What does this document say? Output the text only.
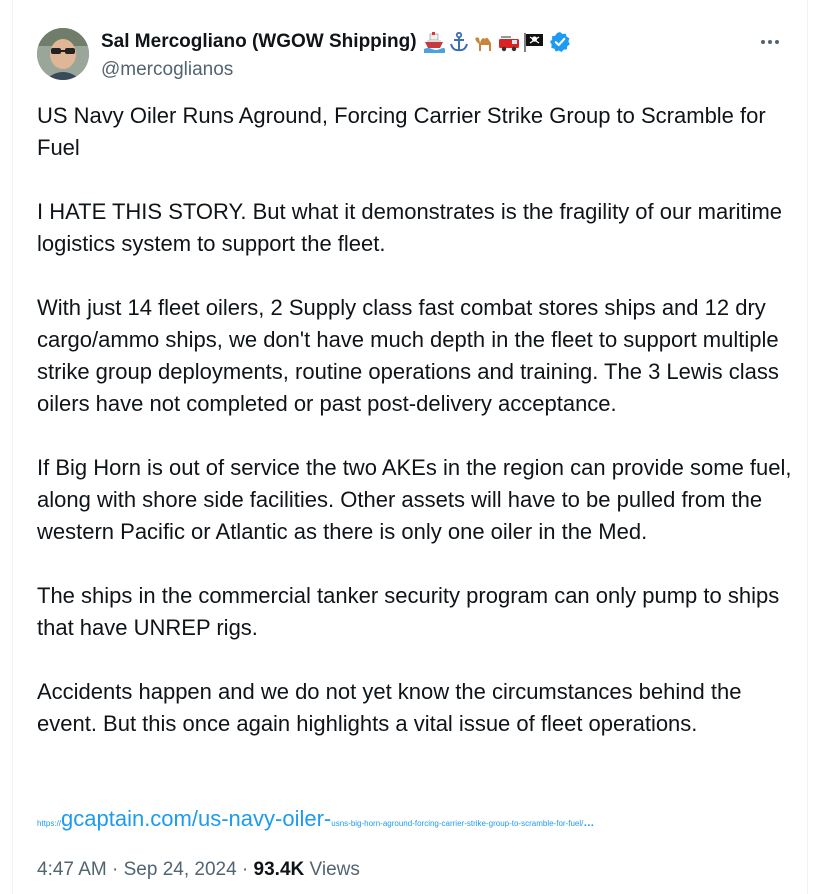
Sal Mercogliano (WGOW Shipping)
@mercoglianos

US Navy Oiler Runs Aground, Forcing Carrier Strike Group to Scramble for Fuel

I HATE THIS STORY. But what it demonstrates is the fragility of our maritime logistics system to support the fleet.

With just 14 fleet oilers, 2 Supply class fast combat stores ships and 12 dry cargo/ammo ships, we don't have much depth in the fleet to support multiple strike group deployments, routine operations and training. The 3 Lewis class oilers have not completed or past post-delivery acceptance.

If Big Horn is out of service the two AKEs in the region can provide some fuel, along with shore side facilities. Other assets will have to be pulled from the western Pacific or Atlantic as there is only one oiler in the Med.

The ships in the commercial tanker security program can only pump to ships that have UNREP rigs.

Accidents happen and we do not yet know the circumstances behind the event. But this once again highlights a vital issue of fleet operations.

https://gcaptain.com/us-navy-oiler-usns-big-horn-aground-forcing-carrier-strike-group-to-scramble-for-fuel/…
4:47 AM · Sep 24, 2024 · 93.4K Views
